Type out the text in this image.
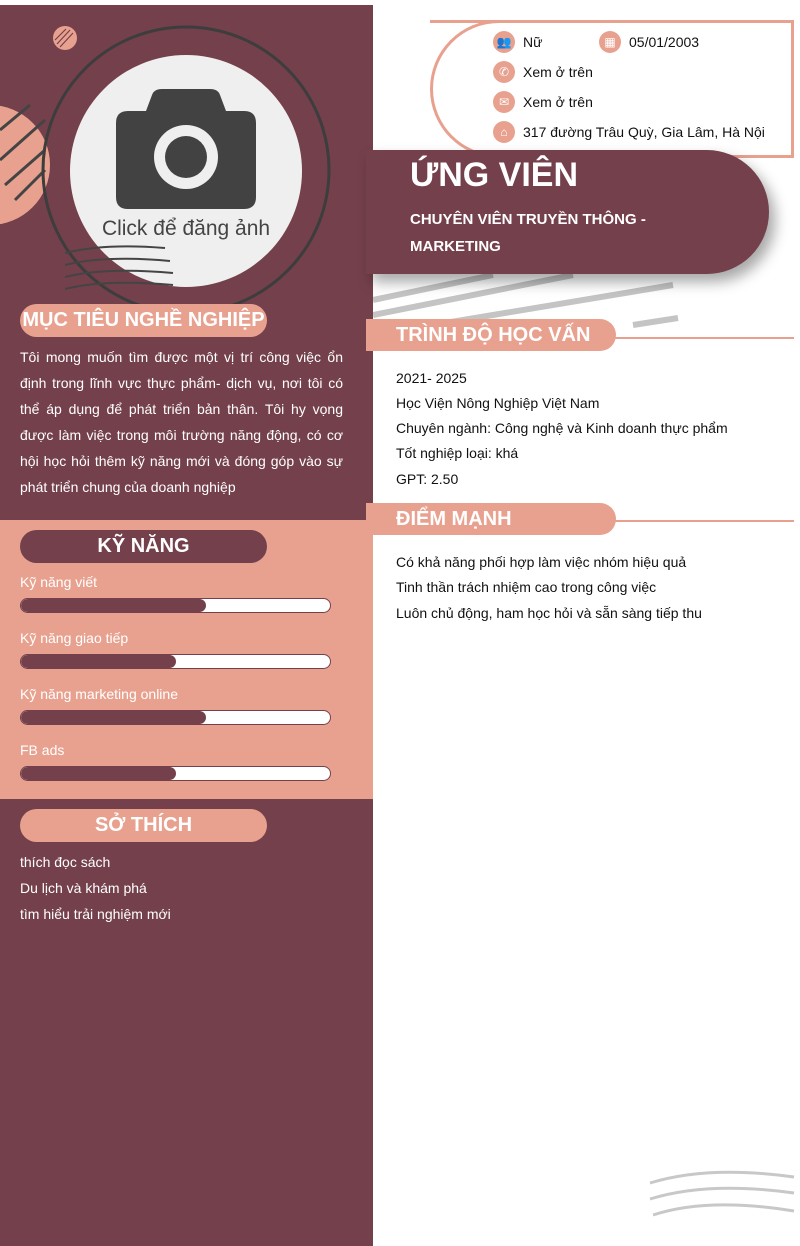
Click để đăng ảnh
MỤC TIÊU NGHỀ NGHIỆP
Tôi mong muốn tìm được một vị trí công việc ổn định trong lĩnh vực thực phẩm- dịch vụ, nơi tôi có thể áp dụng để phát triển bản thân. Tôi hy vọng được làm việc trong môi trường năng động, có cơ hội học hỏi thêm kỹ năng mới và đóng góp vào sự phát triển chung của doanh nghiệp
KỸ NĂNG
Kỹ năng viết
Kỹ năng giao tiếp
Kỹ năng marketing online
FB ads
SỞ THÍCH
thích đọc sách
Du lịch và khám phá
tìm hiểu trải nghiệm mới
👥 Nữ	▦ 05/01/2003
✆ Xem ở trên
✉ Xem ở trên
⌂	317 đường Trâu Quỳ, Gia Lâm, Hà Nội
ỨNG VIÊN
CHUYÊN VIÊN TRUYỀN THÔNG - MARKETING
TRÌNH ĐỘ HỌC VẤN
2021- 2025
Học Viện Nông Nghiệp Việt Nam
Chuyên ngành: Công nghệ và Kinh doanh thực phẩm
Tốt nghiệp loại: khá
GPT: 2.50
ĐIỂM MẠNH
Có khả năng phối hợp làm việc nhóm hiệu quả
Tinh thần trách nhiệm cao trong công việc
Luôn chủ động, ham học hỏi và sẵn sàng tiếp thu
